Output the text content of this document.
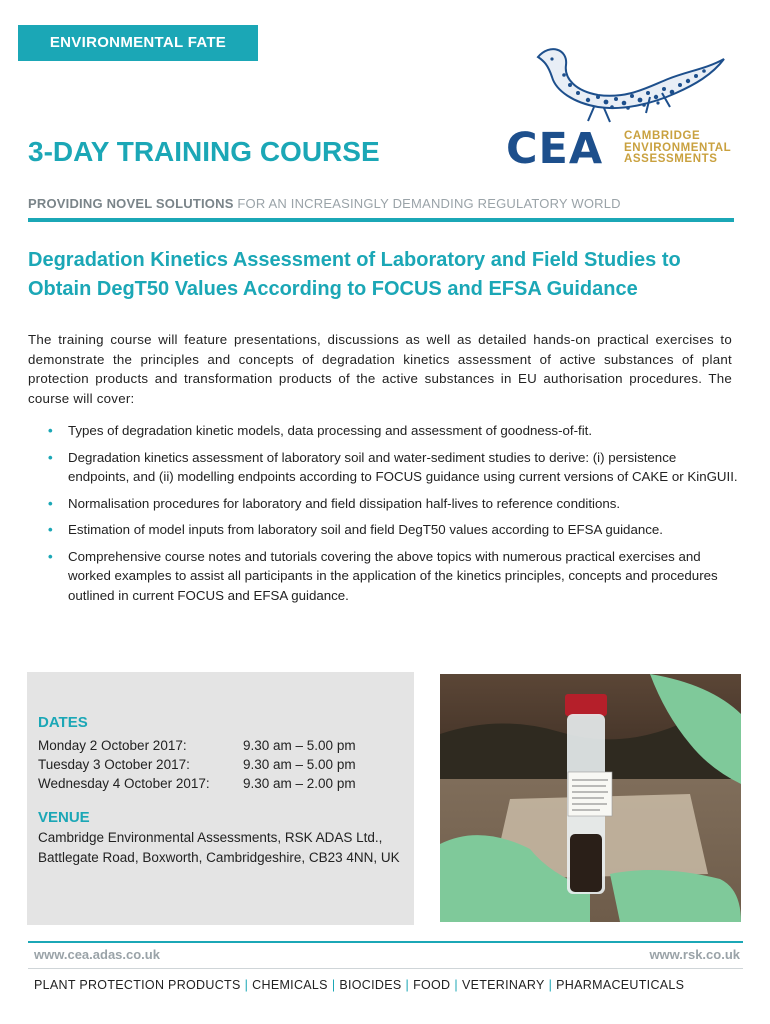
ENVIRONMENTAL FATE
CEA CAMBRIDGE
ENVIRONMENTAL
ASSESSMENTS
3-DAY TRAINING COURSE
PROVIDING NOVEL SOLUTIONS FOR AN INCREASINGLY DEMANDING REGULATORY WORLD
Degradation Kinetics Assessment of Laboratory and Field Studies to Obtain DegT50 Values According to FOCUS and EFSA Guidance

The training course will feature presentations, discussions as well as detailed hands-on practical exercises to demonstrate the principles and concepts of degradation kinetics assessment of active substances of plant protection products and transformation products of the active substances in EU authorisation procedures. The course will cover:

• Types of degradation kinetic models, data processing and assessment of goodness-of-fit.
• Degradation kinetics assessment of laboratory soil and water-sediment studies to derive: (i) persistence endpoints, and (ii) modelling endpoints according to FOCUS guidance using current versions of CAKE or KinGUII.
• Normalisation procedures for laboratory and field dissipation half-lives to reference conditions.
• Estimation of model inputs from laboratory soil and field DegT50 values according to EFSA guidance.
• Comprehensive course notes and tutorials covering the above topics with numerous practical exercises and worked examples to assist all participants in the application of the kinetics principles, concepts and procedures outlined in current FOCUS and EFSA guidance.
DATES
Monday 2 October 2017:	9.30 am – 5.00 pm
Tuesday 3 October 2017:	9.30 am – 5.00 pm
Wednesday 4 October 2017: 9.30 am – 2.00 pm
VENUE

Cambridge Environmental Assessments, RSK ADAS Ltd., Battlegate Road, Boxworth, Cambridgeshire, CB23 4NN, UK

www.cea.adas.co.uk	www.rsk.co.uk
PLANT PROTECTION PRODUCTS | CHEMICALS | BIOCIDES | FOOD | VETERINARY | PHARMACEUTICALS
